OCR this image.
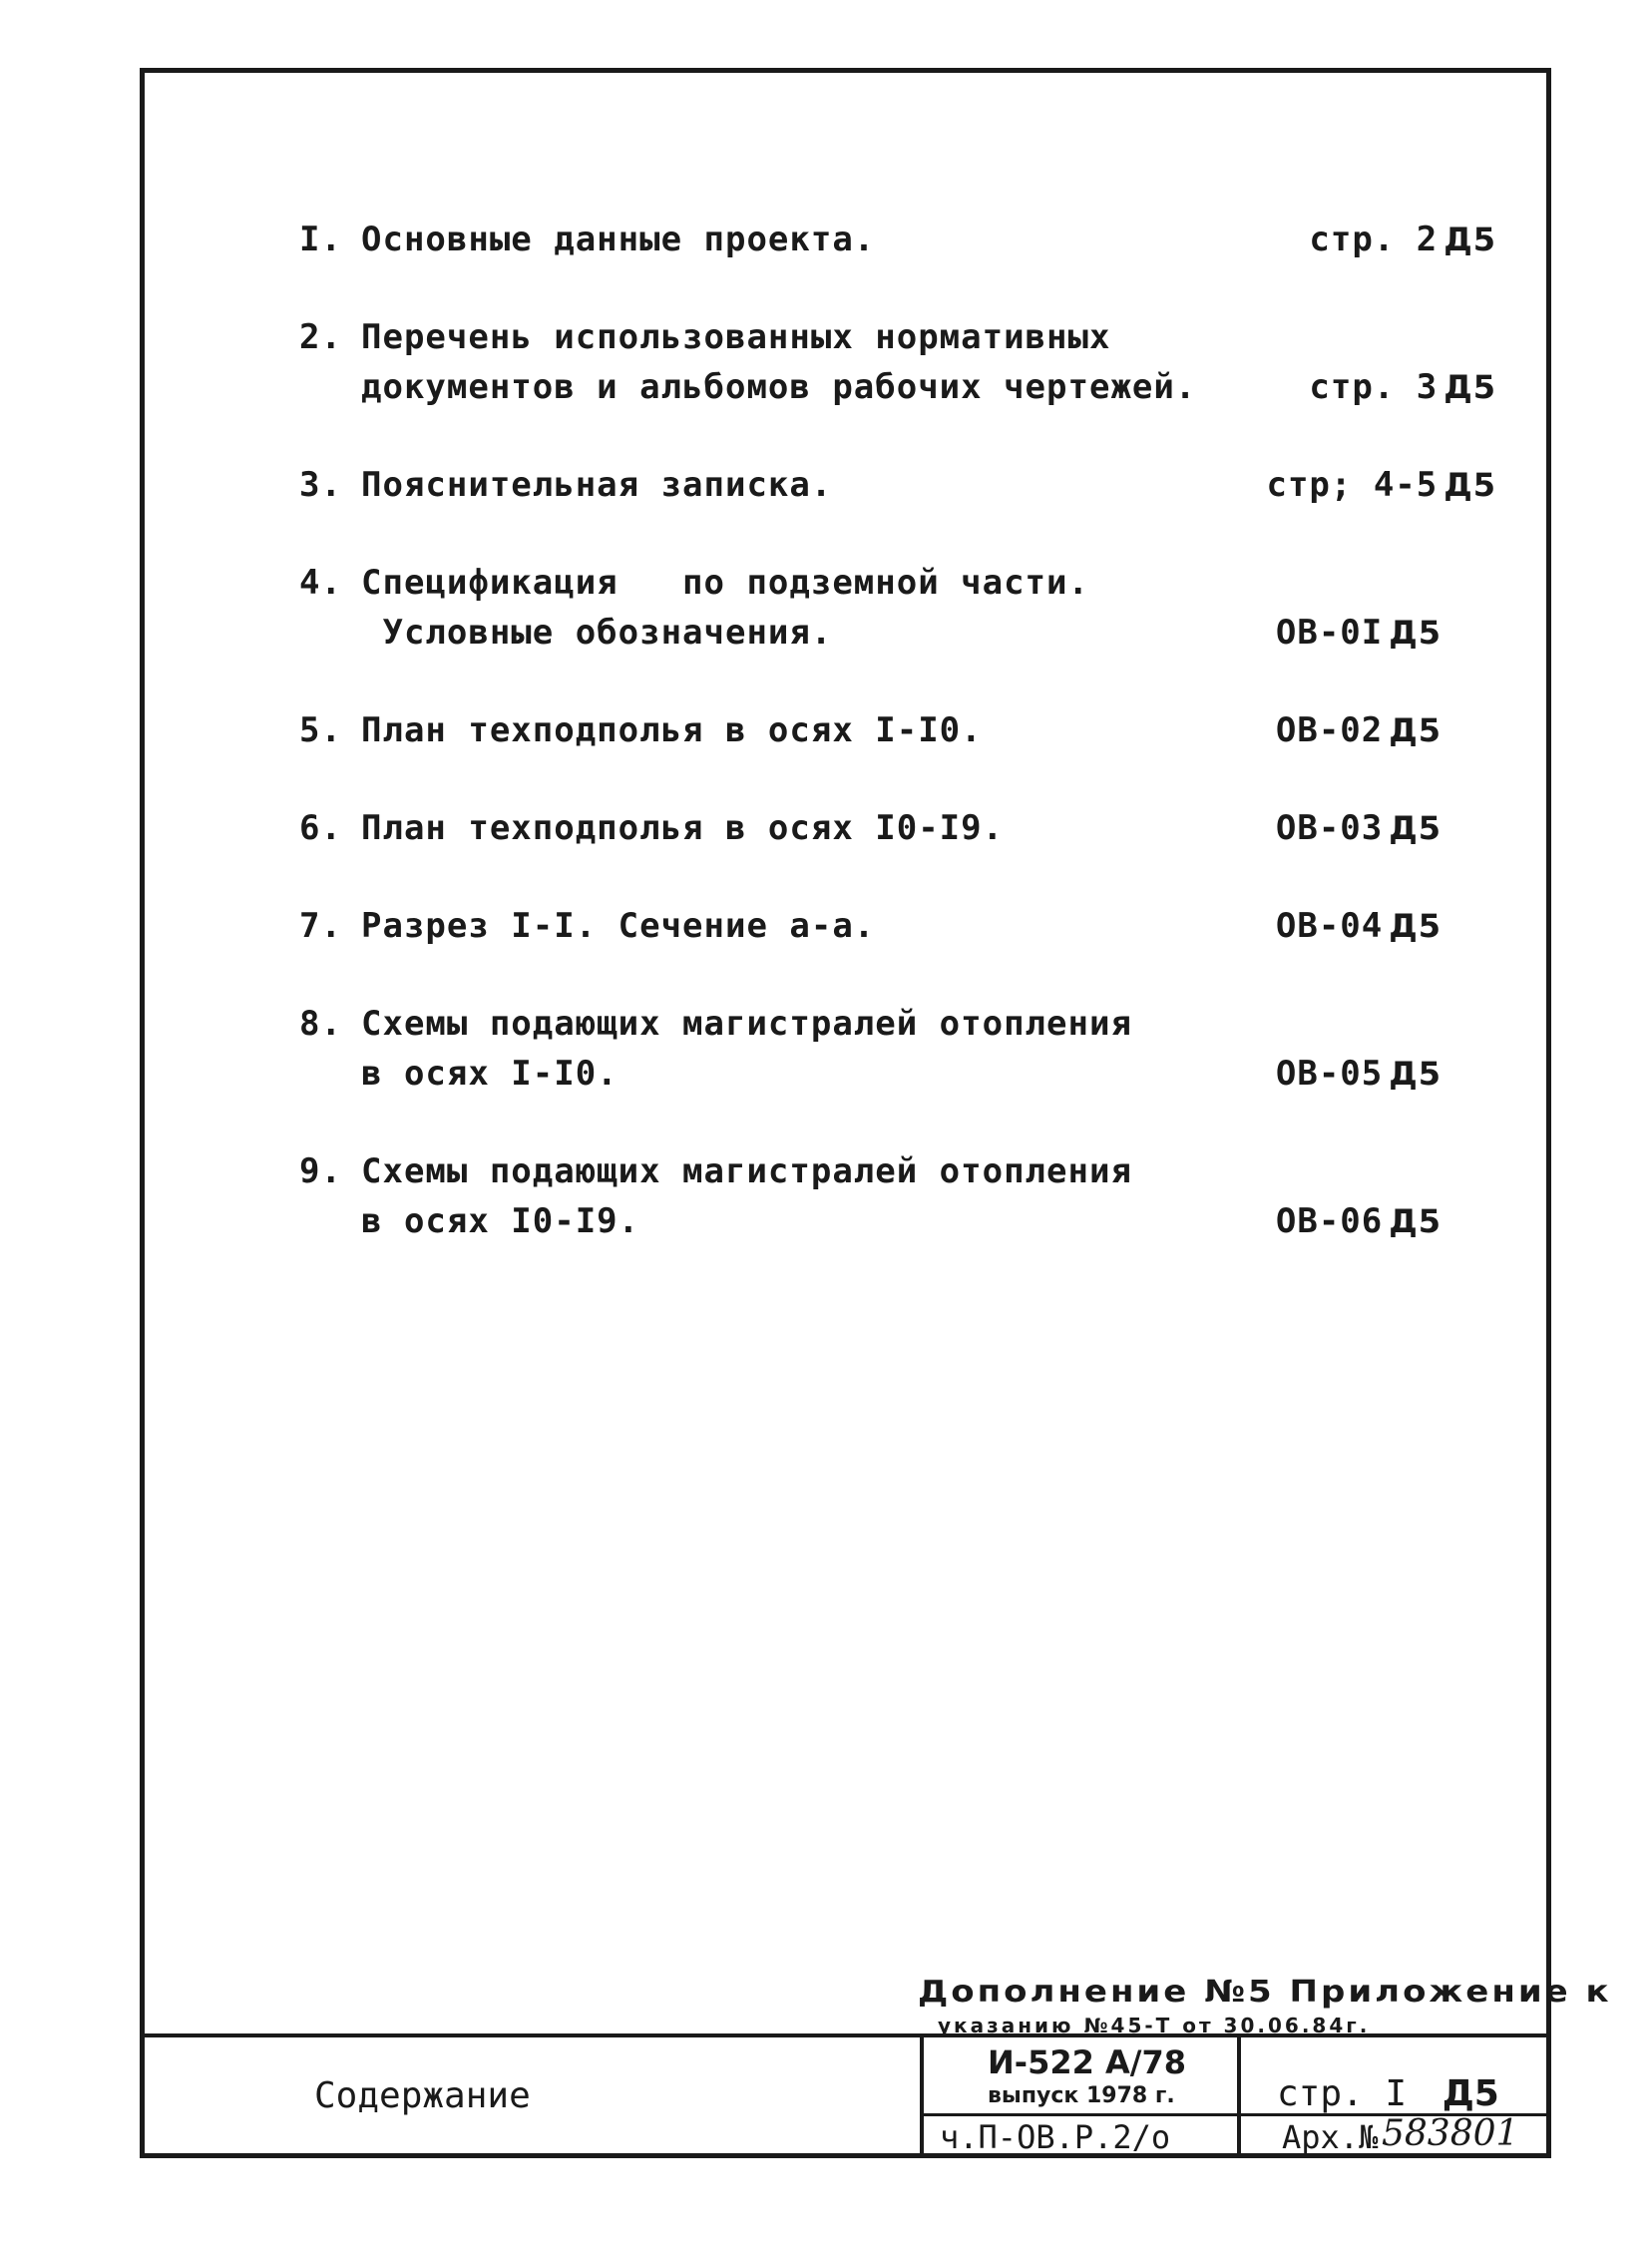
I. Основные данные проекта.	стр. 2 Д5
2. Перечень использованных нормативных
документов и альбомов рабочих чертежей.	стр. 3 Д5
3. Пояснительная записка.	стр; 4-5 Д5
4. Спецификация   по подземной части.
Условные обозначения.	ОВ-0I Д5
5. План техподполья в осях I-I0.	ОВ-02 Д5
6. План техподполья в осях I0-I9.	ОВ-03 Д5
7. Разрез I-I. Сечение а-а.	ОВ-04 Д5
8. Схемы подающих магистралей отопления
в осях I-I0.	ОВ-05 Д5
9. Схемы подающих магистралей отопления
в осях I0-I9.	ОВ-06 Д5
Дополнение №5 Приложение к
указанию №45-Т от 30.06.84г.
Содержание
И-522 А/78
выпуск 1978 г.
ч.П-ОВ.Р.2/о
стр. I Д5
Арх.№ 583801
